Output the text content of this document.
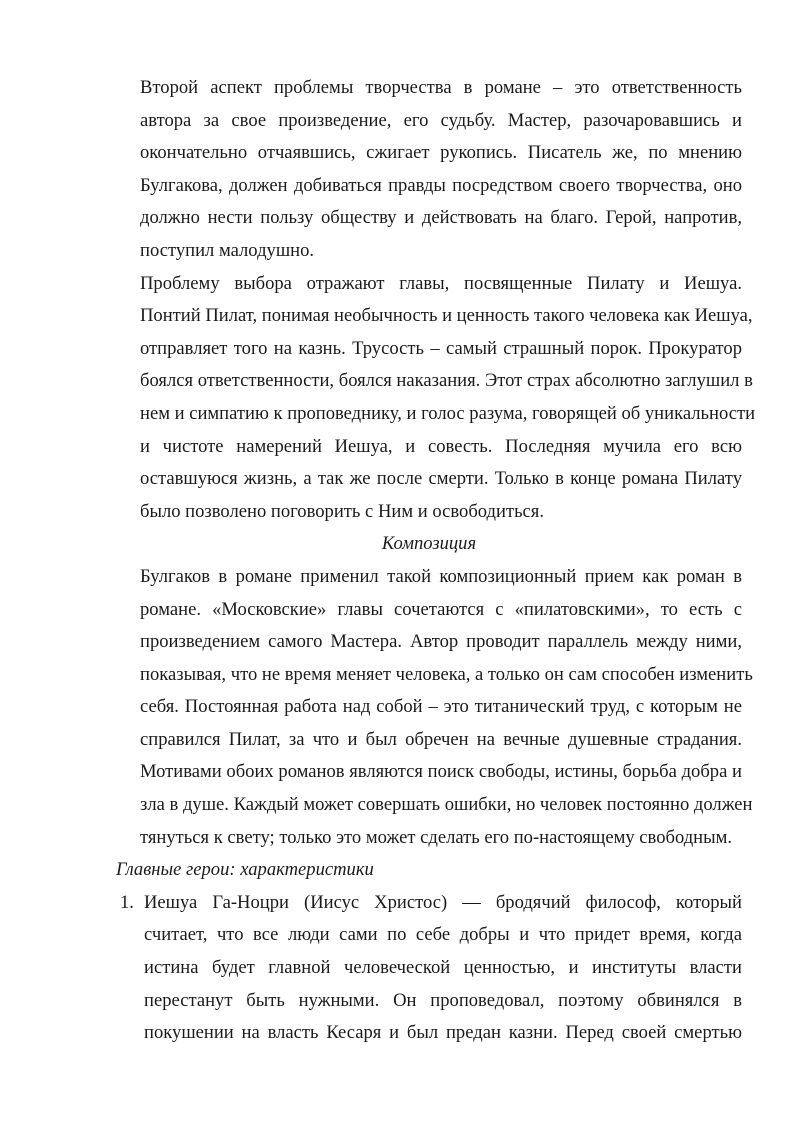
Второй аспект проблемы творчества в романе – это ответственность
автора за свое произведение, его судьбу. Мастер, разочаровавшись и
окончательно отчаявшись, сжигает рукопись. Писатель же, по мнению
Булгакова, должен добиваться правды посредством своего творчества, оно
должно нести пользу обществу и действовать на благо. Герой, напротив,
поступил малодушно.
Проблему выбора отражают главы, посвященные Пилату и Иешуа.
Понтий Пилат, понимая необычность и ценность такого человека как Иешуа,
отправляет того на казнь. Трусость – самый страшный порок. Прокуратор
боялся ответственности, боялся наказания. Этот страх абсолютно заглушил в
нем и симпатию к проповеднику, и голос разума, говорящей об уникальности
и чистоте намерений Иешуа, и совесть. Последняя мучила его всю
оставшуюся жизнь, а так же после смерти. Только в конце романа Пилату
было позволено поговорить с Ним и освободиться.
Композиция
Булгаков в романе применил такой композиционный прием как роман в
романе. «Московские» главы сочетаются с «пилатовскими», то есть с
произведением самого Мастера. Автор проводит параллель между ними,
показывая, что не время меняет человека, а только он сам способен изменить
себя. Постоянная работа над собой – это титанический труд, с которым не
справился Пилат, за что и был обречен на вечные душевные страдания.
Мотивами обоих романов являются поиск свободы, истины, борьба добра и
зла в душе. Каждый может совершать ошибки, но человек постоянно должен
тянуться к свету; только это может сделать его по-настоящему свободным.
Главные герои: характеристики
1. Иешуа Га-Ноцри (Иисус Христос) — бродячий философ, который
считает, что все люди сами по себе добры и что придет время, когда
истина будет главной человеческой ценностью, и институты власти
перестанут быть нужными. Он проповедовал, поэтому обвинялся в
покушении на власть Кесаря и был предан казни. Перед своей смертью
